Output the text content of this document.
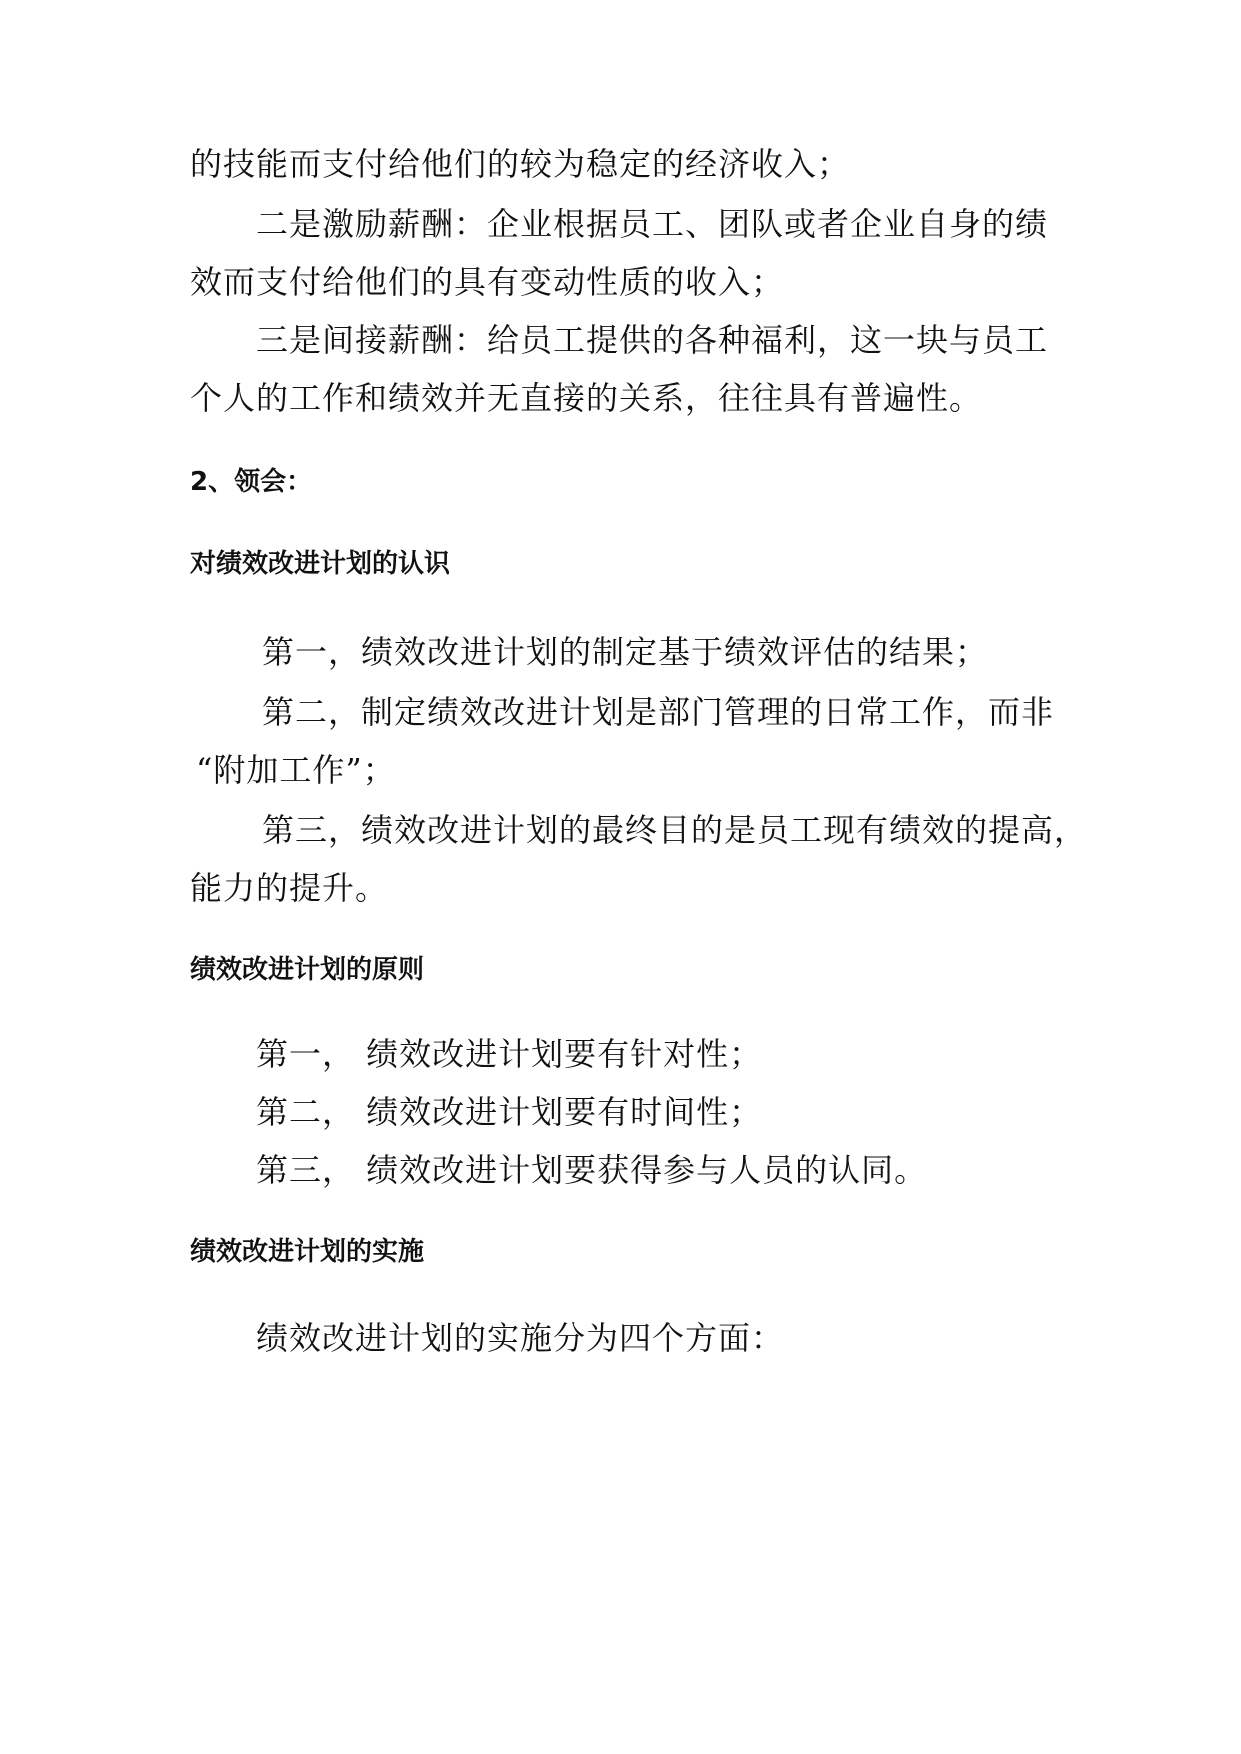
的技能而支付给他们的较为稳定的经济收入；
二是激励薪酬：企业根据员工、团队或者企业自身的绩
效而支付给他们的具有变动性质的收入；
三是间接薪酬：给员工提供的各种福利，这一块与员工
个人的工作和绩效并无直接的关系，往往具有普遍性。
2、领会：
对绩效改进计划的认识
第一，绩效改进计划的制定基于绩效评估的结果；
第二，制定绩效改进计划是部门管理的日常工作，而非
“附加工作”；
第三，绩效改进计划的最终目的是员工现有绩效的提高，
能力的提升。
绩效改进计划的原则
第一， 绩效改进计划要有针对性；
第二， 绩效改进计划要有时间性；
第三， 绩效改进计划要获得参与人员的认同。
绩效改进计划的实施
绩效改进计划的实施分为四个方面：
